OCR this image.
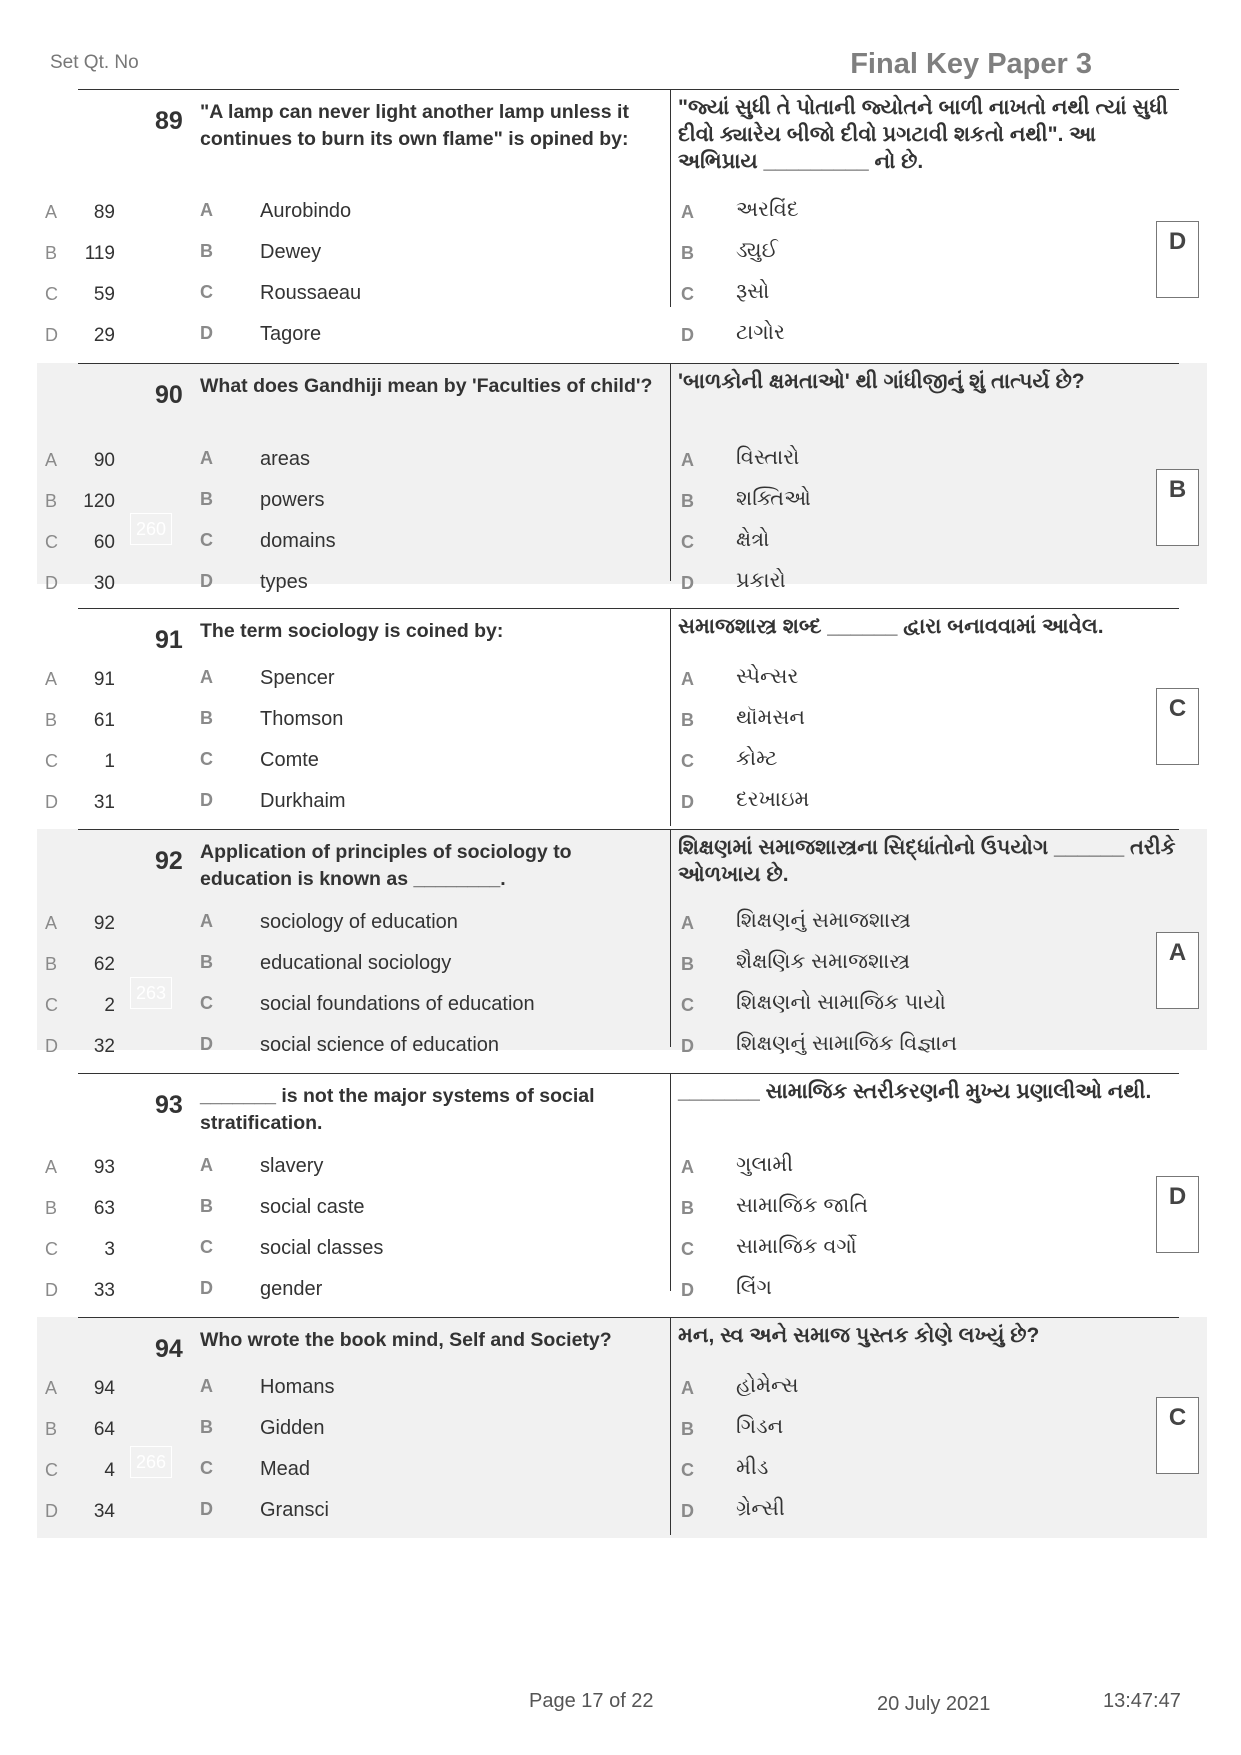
Set Qt. No	Final Key Paper 3
89 "A lamp can never light another lamp unless it continues to burn its own flame" is opined by:
"જ્યાં સુધી તે પોતાની જ્યોતને બાળી નાખતો નથી ત્યાં સુધી દીવો ક્યારેય બીજો દીવો પ્રગટાવી શકતો નથી". આ અભિપ્રાય _________ નો છે.
A	89	A Aurobindo	A અરવિંદ
B	119	B Dewey	B ડ્યુઈ
C	59	C Roussaeau	C રૂસો
D	29	D Tagore	D ટાગોર
D
90 What does Gandhiji mean by 'Faculties of child'? 'બાળકોની ક્ષમતાઓ' થી ગાંધીજીનું શું તાત્પર્ય છે?
A	90	A areas	A વિસ્તારો
B	120	B powers	B શક્તિઓ
C	60	C domains	C ક્ષેત્રો
D	30	D types	D પ્રકારો
260
B
91 The term sociology is coined by:	સમાજશાસ્ત્ર શબ્દ ______ દ્વારા બનાવવામાં આવેલ.
A	91	A Spencer	A સ્પેન્સર
B	61	B Thomson	B થૉમસન
C	1	C Comte	C કોમ્ટ
D	31	D Durkhaim	D દરખાઇમ
C
92 Application of principles of sociology to education is known as ________.
શિક્ષણમાં સમાજશાસ્ત્રના સિદ્ધાંતોનો ઉપયોગ ______ તરીકે ઓળખાય છે.
A	92	A sociology of education	A શિક્ષણનું સમાજશાસ્ત્ર
B	62	B educational sociology	B શૈક્ષણિક સમાજશાસ્ત્ર
C	2	C social foundations of education	C શિક્ષણનો સામાજિક પાયો
D	32	D social science of education	D શિક્ષણનું સામાજિક વિજ્ઞાન
263
A
93 _______ is not the major systems of social stratification.
_______ સામાજિક સ્તરીકરણની મુખ્ય પ્રણાલીઓ નથી.
A	93	A slavery	A ગુલામી
B	63	B social caste	B સામાજિક જાતિ
C	3	C social classes	C સામાજિક વર્ગો
D	33	D gender	D લિંગ
D
94 Who wrote the book mind, Self and Society?	મન, સ્વ અને સમાજ પુસ્તક કોણે લખ્યું છે?
A	94	A Homans	A હોમેન્સ
B	64	B Gidden	B ગિડન
C	4	C Mead	C મીડ
D	34	D Gransci	D ગ્રેન્સી
266
C
Page 17 of 22	20 July 2021	13:47:47
